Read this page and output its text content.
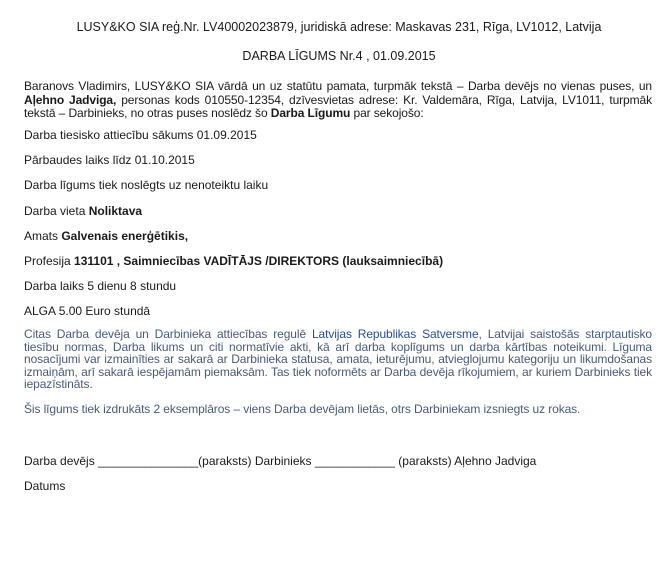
LUSY&KO SIA reģ.Nr. LV40002023879, juridiskā adrese: Maskavas 231, Rīga, LV1012, Latvija
DARBA LĪGUMS Nr.4 , 01.09.2015
Baranovs Vladimirs, LUSY&KO SIA vārdā un uz statūtu pamata, turpmāk tekstā – Darba devējs no vienas puses, un Aļehno Jadviga, personas kods 010550-12354, dzīvesvietas adrese: Kr. Valdemāra, Rīga, Latvija, LV1011, turpmāk tekstā – Darbinieks, no otras puses noslēdz šo Darba Līgumu par sekojošo:
Darba tiesisko attiecību sākums 01.09.2015
Pārbaudes laiks līdz 01.10.2015
Darba līgums tiek noslēgts uz nenoteiktu laiku
Darba vieta Noliktava
Amats Galvenais enerģētikis,
Profesija 131101 , Saimniecības VADĪTĀJS /DIREKTORS (lauksaimniecībā)
Darba laiks 5 dienu 8 stundu
ALGA 5.00 Euro stundā
Citas Darba devēja un Darbinieka attiecības regulē Latvijas Republikas Satversme, Latvijai saistošās starptautisko tiesību normas, Darba likums un citi normatīvie akti, kā arī darba koplīgums un darba kārtības noteikumi. Līguma nosacījumi var izmainīties ar sakarā ar Darbinieka statusa, amata, ieturējumu, atvieglojumu kategoriju un likumdošanas izmaiņām, arī sakarā iespējamām piemaksām. Tas tiek noformēts ar Darba devēja rīkojumiem, ar kuriem Darbinieks tiek iepazīstināts.
Šis līgums tiek izdrukāts 2 eksemplāros – viens Darba devējam lietās, otrs Darbiniekam izsniegts uz rokas.
Darba devējs _______________(paraksts) Darbinieks ____________ (paraksts) Aļehno Jadviga
Datums
